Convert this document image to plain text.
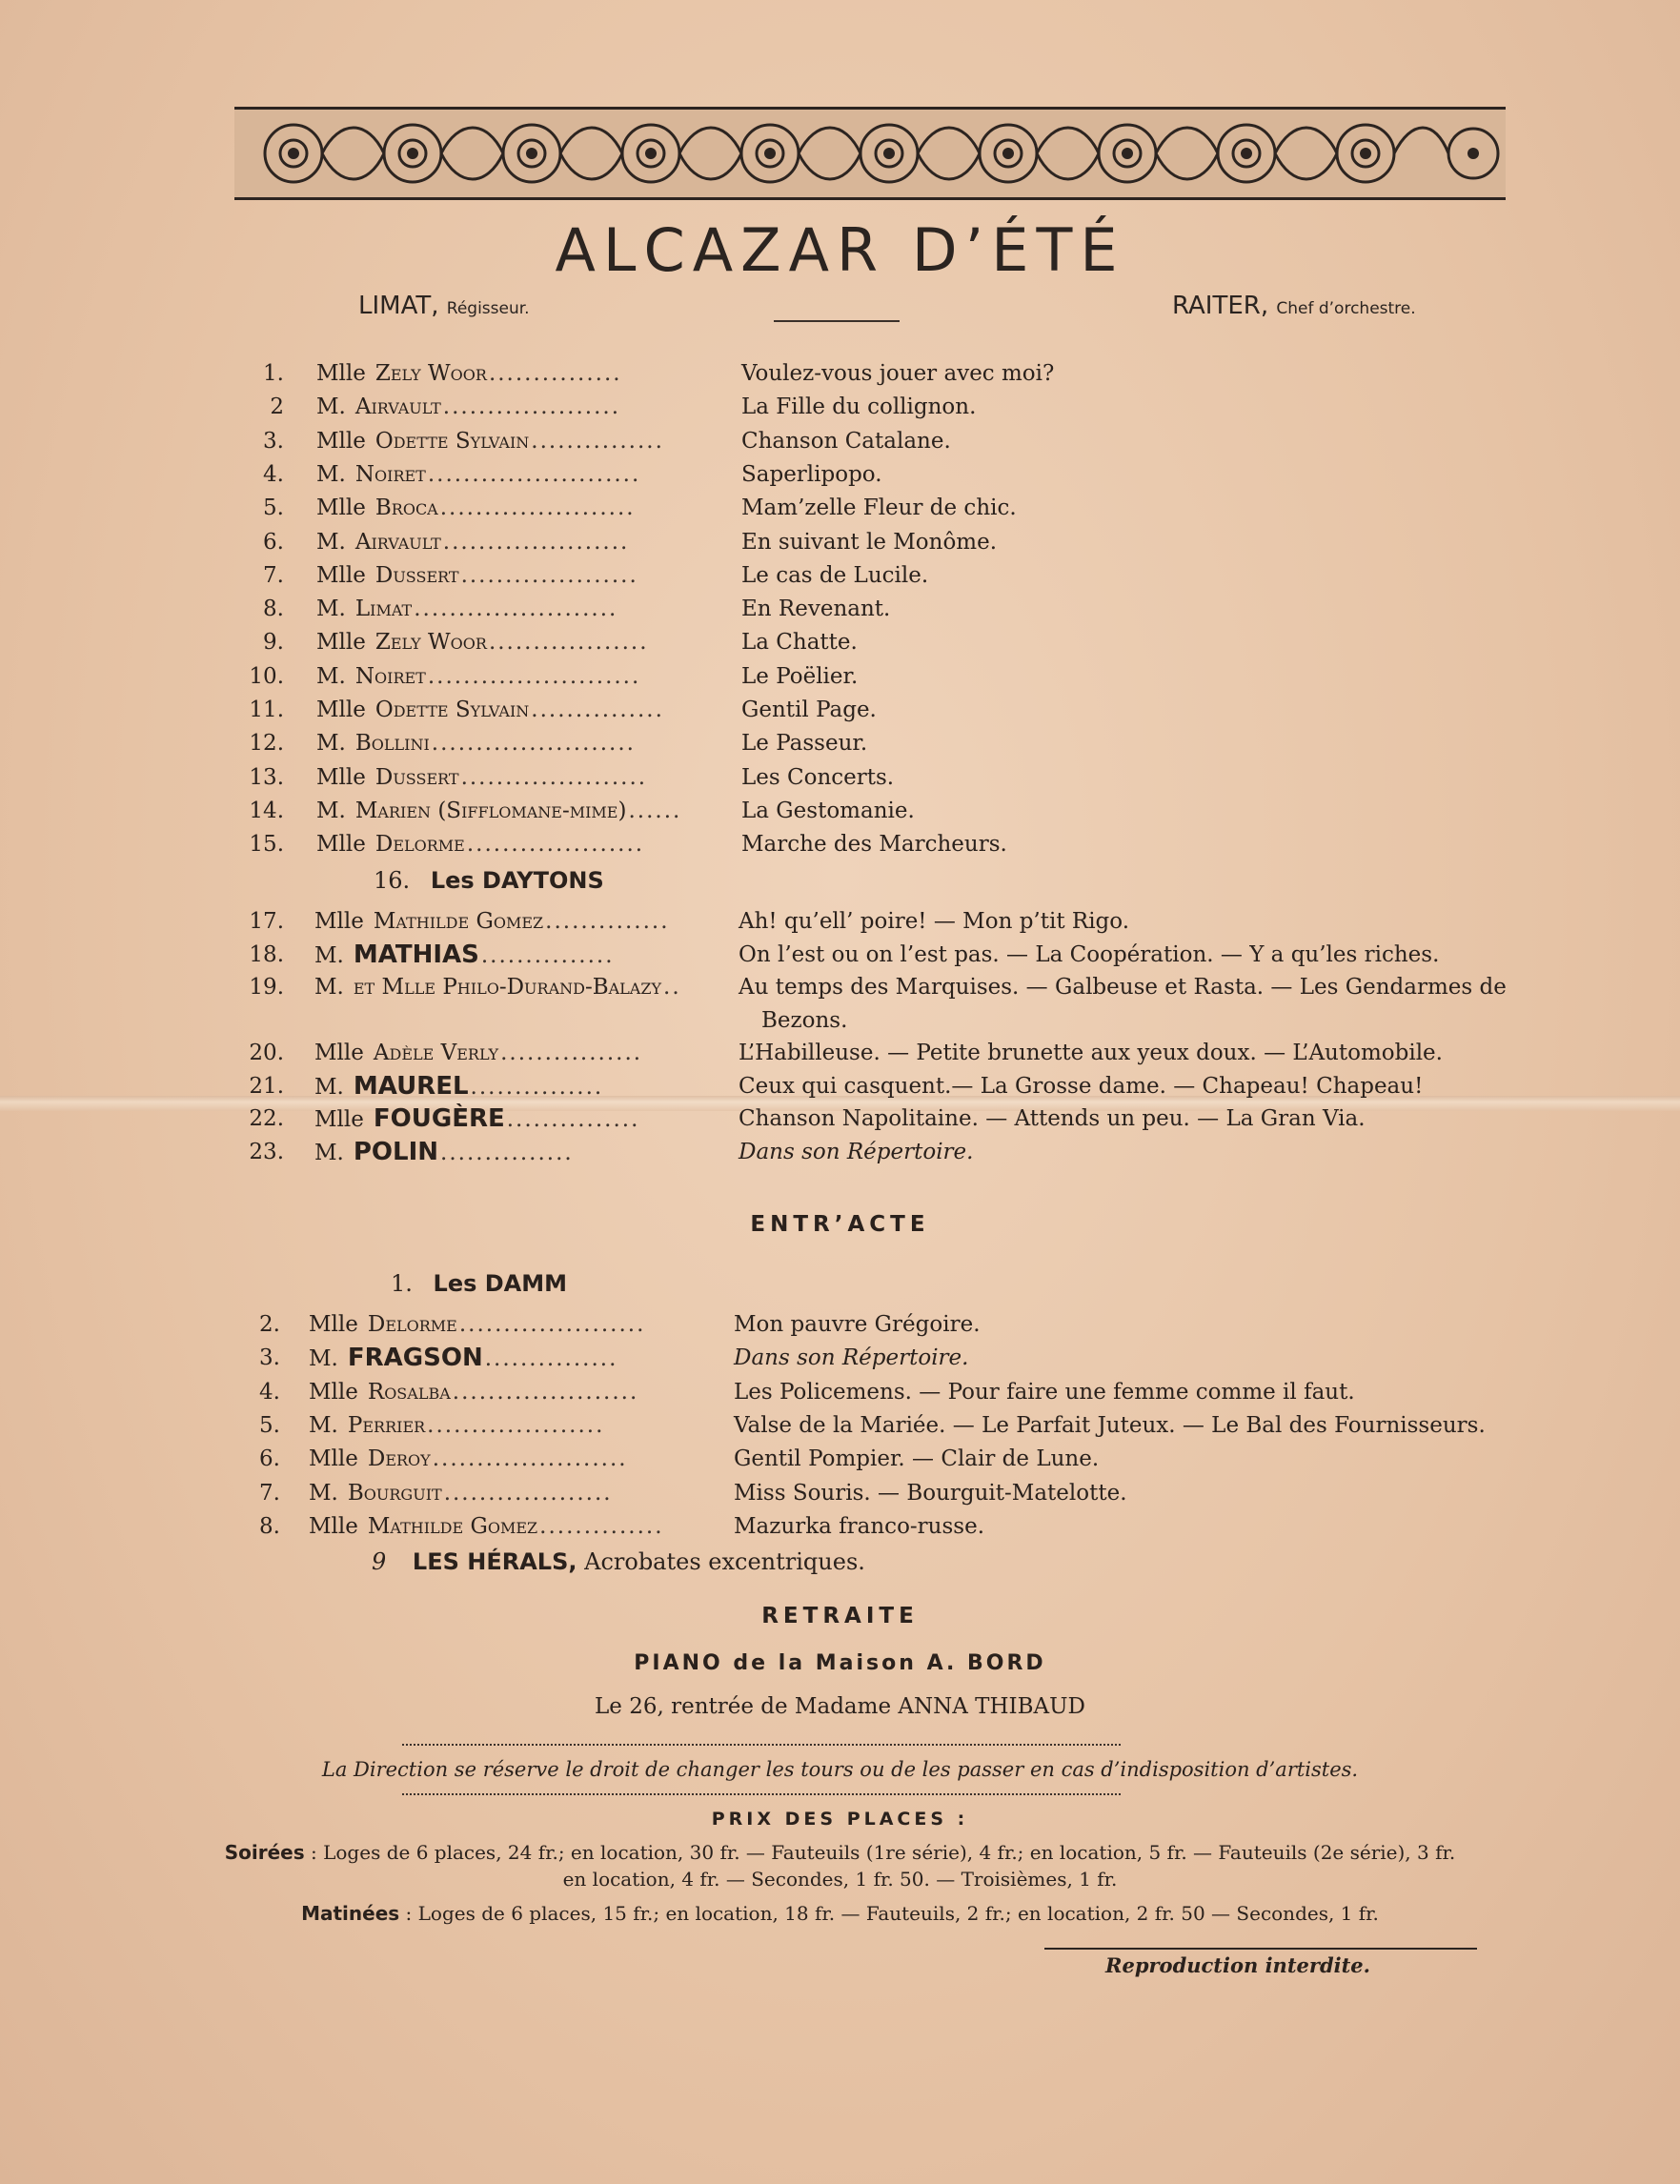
ALCAZAR D’ÉTÉ
LIMAT, Régisseur.	RAITER, Chef d’orchestre.
1. Mlle Zely Woor...............	Voulez-vous jouer avec moi?
2 M. Airvault....................	La Fille du collignon.
3. Mlle Odette Sylvain...............	Chanson Catalane.
4. M. Noiret........................	Saperlipopo.
5. Mlle Broca......................	Mam’zelle Fleur de chic.
6. M. Airvault.....................	En suivant le Monôme.
7. Mlle Dussert....................	Le cas de Lucile.
8. M. Limat.......................	En Revenant.
9. Mlle Zely Woor..................	La Chatte.
10. M. Noiret........................	Le Poëlier.
11. Mlle Odette Sylvain...............	Gentil Page.
12. M. Bollini.......................	Le Passeur.
13. Mlle Dussert.....................	Les Concerts.
14. M. Marien (Sifflomane-mime)......	La Gestomanie.
15. Mlle Delorme....................	Marche des Marcheurs.
16. Les DAYTONS
17. Mlle Mathilde Gomez..............	Ah! qu’ell’ poire! — Mon p’tit Rigo.
18. M. MATHIAS...............	On l’est ou on l’est pas. — La Coopération. — Y a qu’les riches.
19. M. et Mlle Philo-Durand-Balazy..	Au temps des Marquises. — Galbeuse et Rasta. — Les Gendarmes de
Bezons.
20. Mlle Adèle Verly................	L’Habilleuse. — Petite brunette aux yeux doux. — L’Automobile.
21. M. MAUREL...............	Ceux qui casquent.— La Grosse dame. — Chapeau! Chapeau!
22. Mlle FOUGÈRE...............	Chanson Napolitaine. — Attends un peu. — La Gran Via.
23. M. POLIN...............	Dans son Répertoire.
ENTR’ACTE
1. Les DAMM
2. Mlle Delorme.....................	Mon pauvre Grégoire.
3. M. FRAGSON...............	Dans son Répertoire.
4. Mlle Rosalba.....................	Les Policemens. — Pour faire une femme comme il faut.
5. M. Perrier....................	Valse de la Mariée. — Le Parfait Juteux. — Le Bal des Fournisseurs.
6. Mlle Deroy......................	Gentil Pompier. — Clair de Lune.
7. M. Bourguit...................	Miss Souris. — Bourguit-Matelotte.
8. Mlle Mathilde Gomez..............	Mazurka franco-russe.
9 LES HÉRALS, Acrobates excentriques.
RETRAITE
PIANO de la Maison A. BORD
Le 26, rentrée de Madame ANNA THIBAUD
La Direction se réserve le droit de changer les tours ou de les passer en cas d’indisposition d’artistes.
PRIX DES PLACES :
Soirées : Loges de 6 places, 24 fr.; en location, 30 fr. — Fauteuils (1re série), 4 fr.; en location, 5 fr. — Fauteuils (2e série), 3 fr.
en location, 4 fr. — Secondes, 1 fr. 50. — Troisièmes, 1 fr.
Matinées : Loges de 6 places, 15 fr.; en location, 18 fr. — Fauteuils, 2 fr.; en location, 2 fr. 50 — Secondes, 1 fr.
Reproduction interdite.
